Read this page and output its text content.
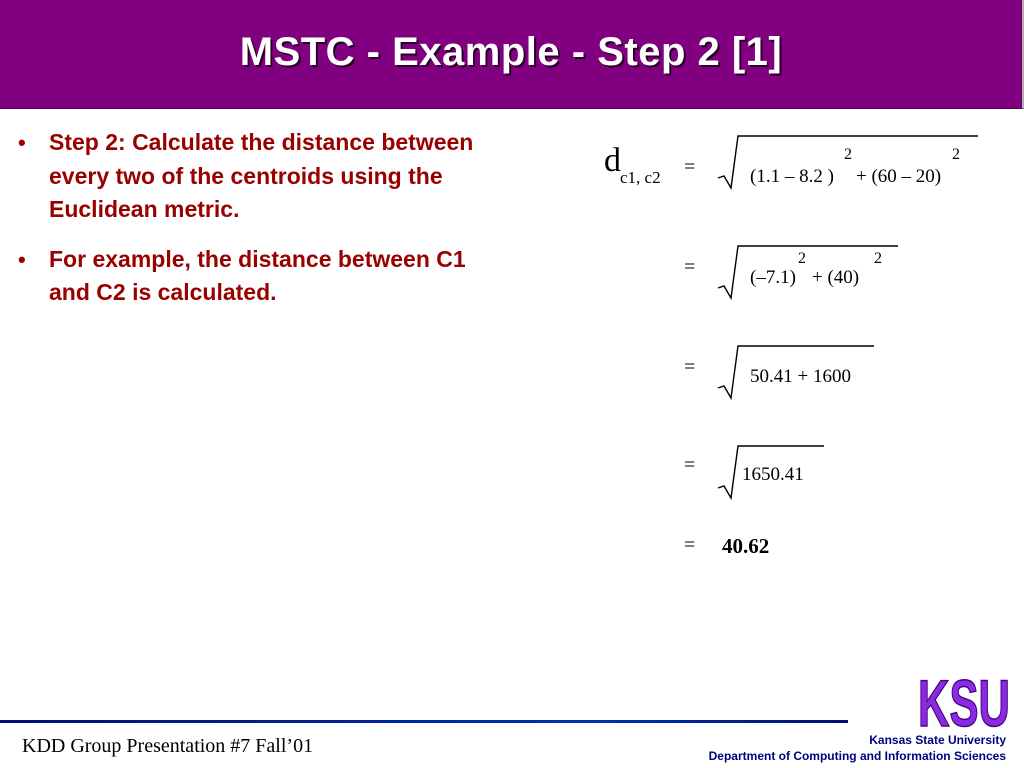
MSTC - Example - Step 2 [1]
• Step 2: Calculate the distance between every two of the centroids using the Euclidean metric.
• For example, the distance between C1 and C2 is calculated.
d c1, c2 =	(1.1 – 8.2 )
2
+ (60 – 20)
2
=	(–7.1)
2
+ (40)
2
=	50.41 + 1600
= 1650.41
= 40.62
KDD Group Presentation #7 Fall’01
KSU
Kansas State University
Department of Computing and Information Sciences
